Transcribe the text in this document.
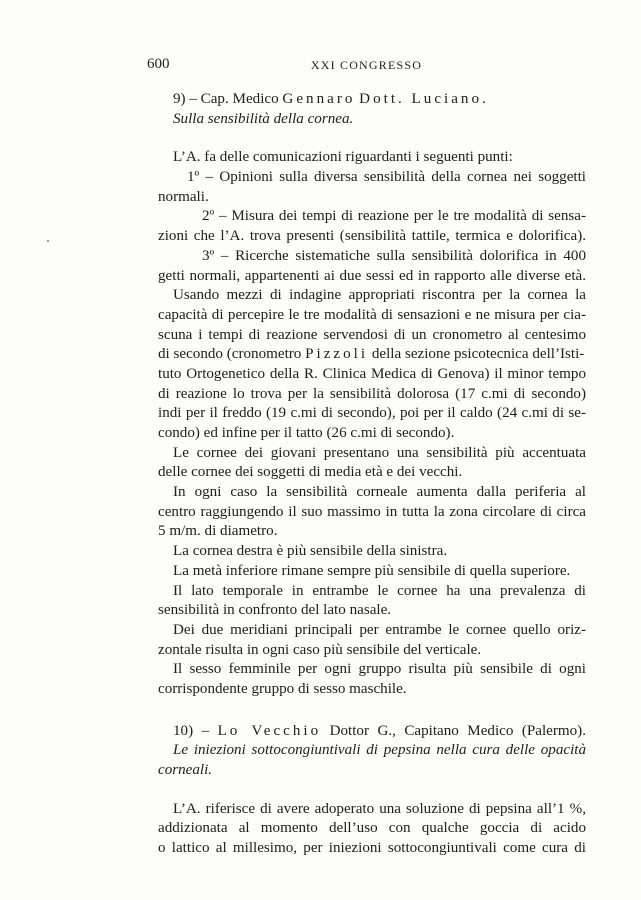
600	XXI CONGRESSO
9) – Cap. Medico Gennaro Dott. Luciano.
Sulla sensibilità della cornea.
L’A. fa delle comunicazioni riguardanti i seguenti punti:
1º – Opinioni sulla diversa sensibilità della cornea nei soggetti
normali.
2º – Misura dei tempi di reazione per le tre modalità di sensa-
zioni che l’A. trova presenti (sensibilità tattile, termica e dolorifica).
3º – Ricerche sistematiche sulla sensibilità dolorifica in 400
getti normali, appartenenti ai due sessi ed in rapporto alle diverse età.
Usando mezzi di indagine appropriati riscontra per la cornea la
capacità di percepire le tre modalità di sensazioni e ne misura per cia-
scuna i tempi di reazione servendosi di un cronometro al centesimo
di secondo (cronometro Pizzoli della sezione psicotecnica dell’Isti-
tuto Ortogenetico della R. Clinica Medica di Genova) il minor tempo
di reazione lo trova per la sensibilità dolorosa (17 c.mi di secondo)
indi per il freddo (19 c.mi di secondo), poi per il caldo (24 c.mi di se-
condo) ed infine per il tatto (26 c.mi di secondo).
Le cornee dei giovani presentano una sensibilità più accentuata
delle cornee dei soggetti di media età e dei vecchi.
In ogni caso la sensibilità corneale aumenta dalla periferia al
centro raggiungendo il suo massimo in tutta la zona circolare di circa
5 m/m. di diametro.
La cornea destra è più sensibile della sinistra.
La metà inferiore rimane sempre più sensibile di quella superiore.
Il lato temporale in entrambe le cornee ha una prevalenza di
sensibilità in confronto del lato nasale.
Dei due meridiani principali per entrambe le cornee quello oriz-
zontale risulta in ogni caso più sensibile del verticale.
Il sesso femminile per ogni gruppo risulta più sensibile di ogni
corrispondente gruppo di sesso maschile.
10) – Lo Vecchio Dottor G., Capitano Medico (Palermo).
Le iniezioni sottocongiuntivali di pepsina nella cura delle opacità
corneali.
L’A. riferisce di avere adoperato una soluzione di pepsina all’1 %,
addizionata al momento dell’uso con qualche goccia di acido
o lattico al millesimo, per iniezioni sottocongiuntivali come cura di
